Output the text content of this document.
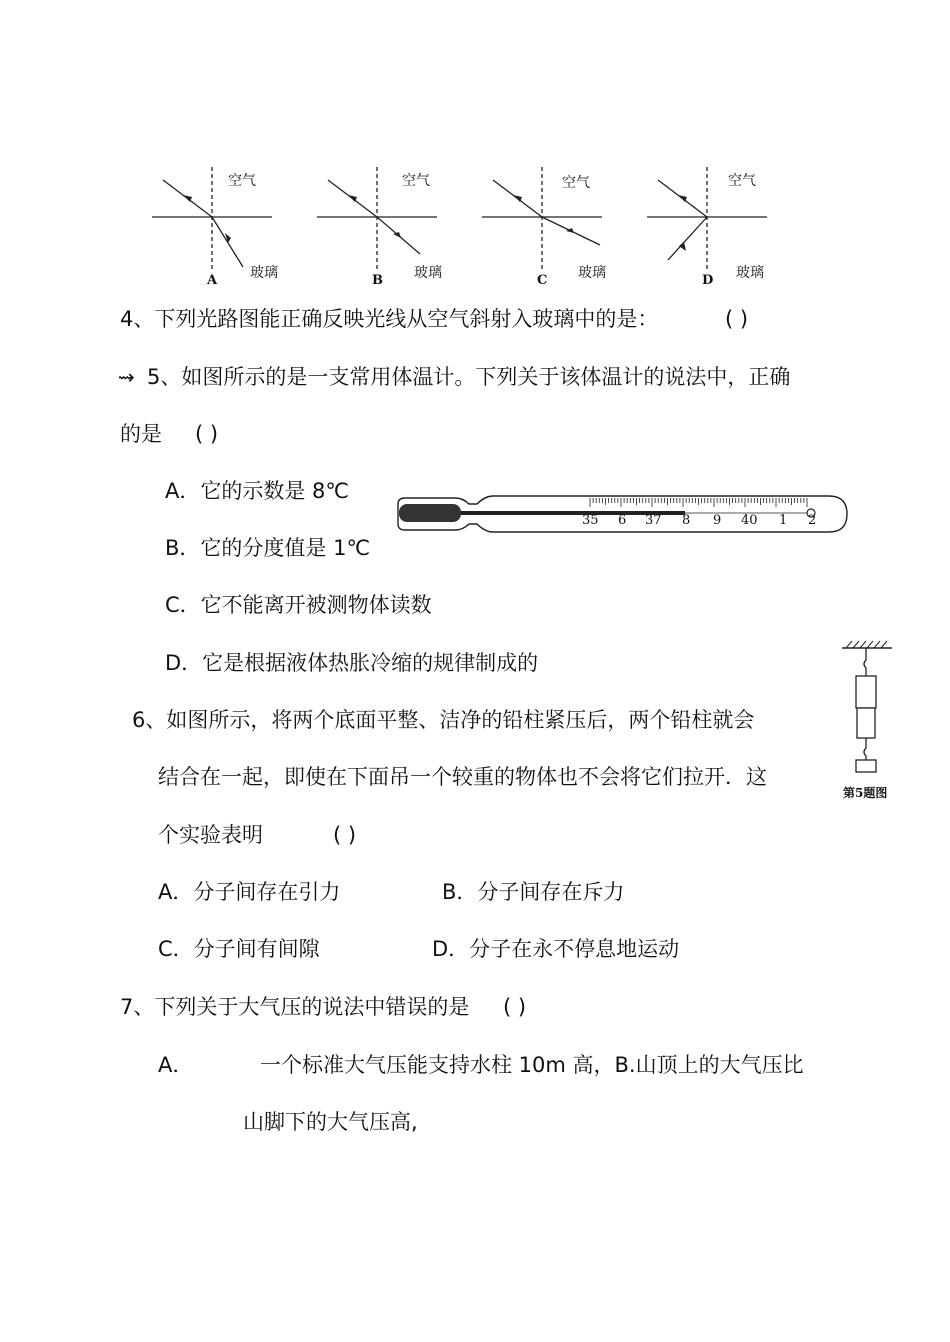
空气
玻璃
A
空气
玻璃
B
空气
玻璃
C
空气
玻璃
D
4、下列光路图能正确反映光线从空气斜射入玻璃中的是：	( )
⇝ 5、如图所示的是一支常用体温计。下列关于该体温计的说法中，正确
的是 ( )
A．它的示数是 8℃
B．它的分度值是 1℃
C．它不能离开被测物体读数
D．它是根据液体热胀冷缩的规律制成的
35 6 37 8 9 40 1 2
6、如图所示，将两个底面平整、洁净的铅柱紧压后，两个铅柱就会
结合在一起，即使在下面吊一个较重的物体也不会将它们拉开．这
个实验表明	( )
A．分子间存在引力	B．分子间存在斥力
C．分子间有间隙	D．分子在永不停息地运动
第5题图
7、下列关于大气压的说法中错误的是 ( )
A．	一个标准大气压能支持水柱 10m 高，B.山顶上的大气压比
山脚下的大气压高,
